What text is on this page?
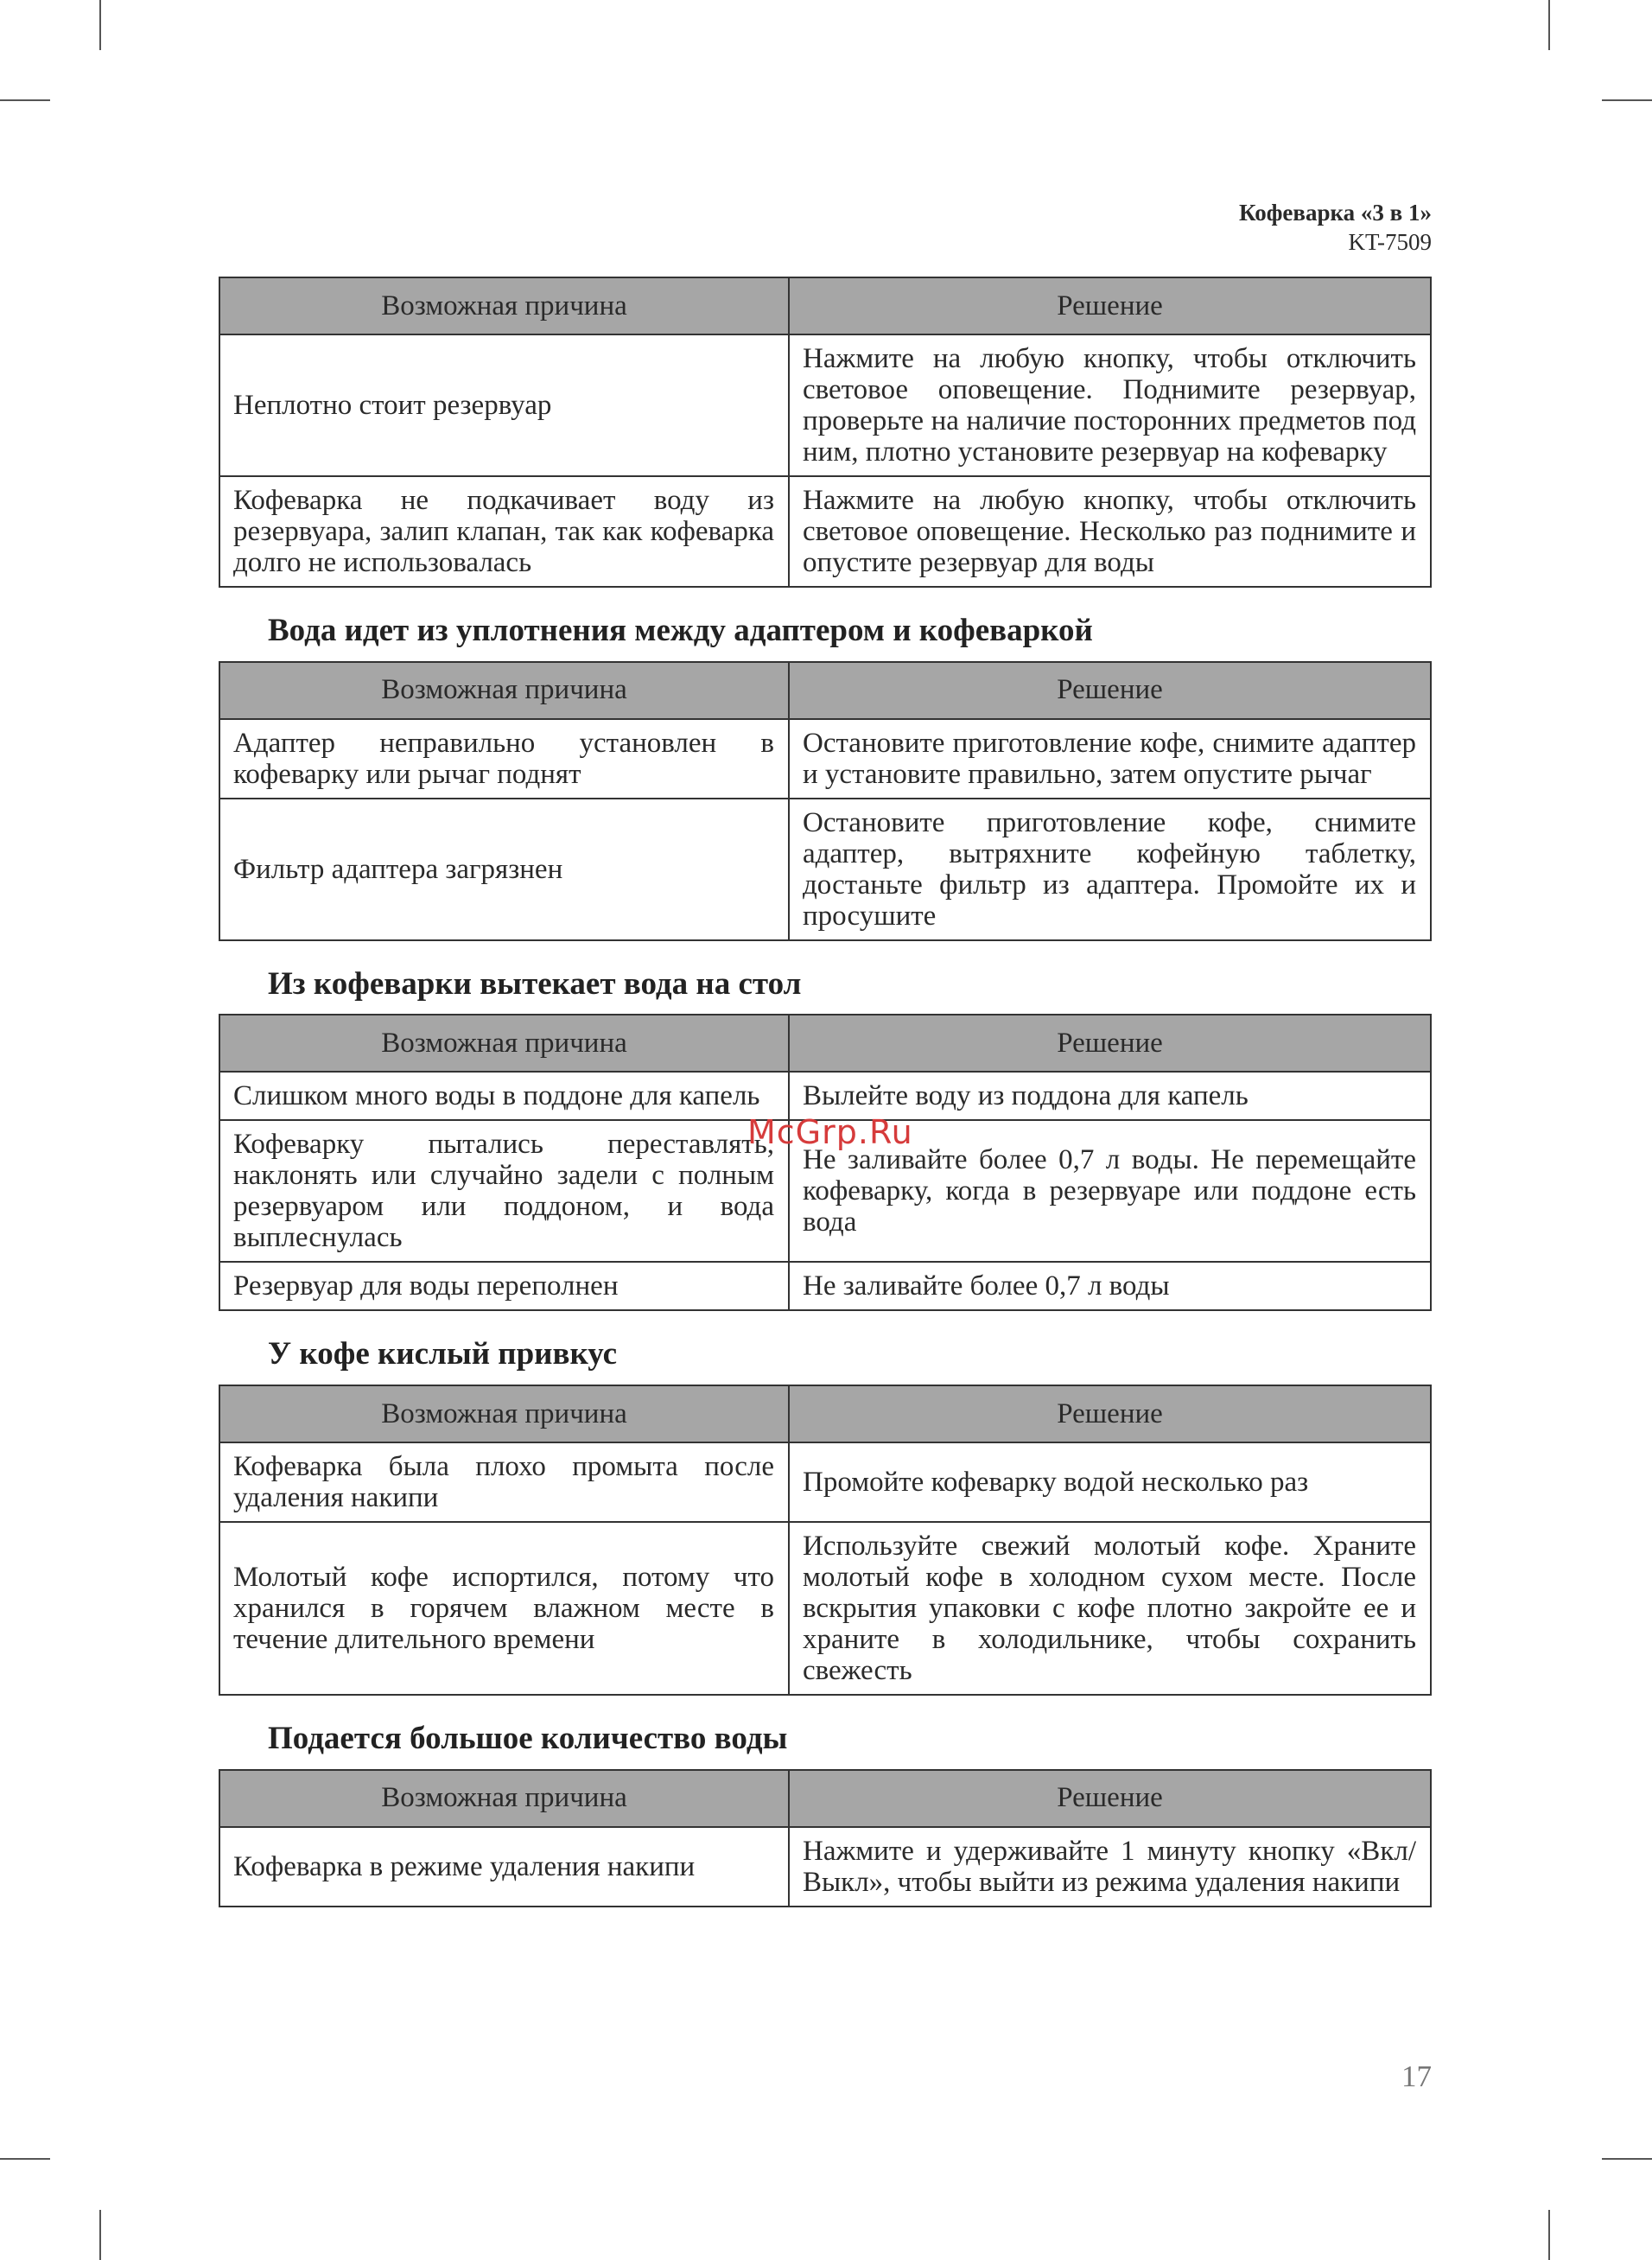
Кофеварка «3 в 1»
KT-7509
Возможная причина	Решение
Неплотно стоит резервуар	Нажмите на любую кнопку, чтобы отключить световое оповещение. Поднимите резервуар, проверьте на наличие посторонних предметов под ним, плотно установите резервуар на кофеварку
Кофеварка не подкачивает воду из резервуара, залип клапан, так как кофеварка долго не использовалась	Нажмите на любую кнопку, чтобы отключить световое оповещение. Несколько раз поднимите и опустите резервуар для воды
Вода идет из уплотнения между адаптером и кофеваркой
Возможная причина	Решение
Адаптер неправильно установлен в кофеварку или рычаг поднят	Остановите приготовление кофе, снимите адаптер и установите правильно, затем опустите рычаг
Фильтр адаптера загрязнен	Остановите приготовление кофе, снимите адаптер, вытряхните кофейную таблетку, достаньте фильтр из адаптера. Промойте их и просушите
Из кофеварки вытекает вода на стол
Возможная причина	Решение
Слишком много воды в поддоне для капель	Вылейте воду из поддона для капель
Кофеварку пытались переставлять, наклонять или случайно задели с полным резервуаром или поддоном, и вода выплеснулась	Не заливайте более 0,7 л воды. Не перемещайте кофеварку, когда в резервуаре или поддоне есть вода
Резервуар для воды переполнен	Не заливайте более 0,7 л воды
У кофе кислый привкус
Возможная причина	Решение
Кофеварка была плохо промыта после удаления накипи	Промойте кофеварку водой несколько раз
Молотый кофе испортился, потому что хранился в горячем влажном месте в течение длительного времени	Используйте свежий молотый кофе. Храните молотый кофе в холодном сухом месте. После вскрытия упаковки с кофе плотно закройте ее и храните в холодильнике, чтобы сохранить свежесть
Подается большое количество воды
Возможная причина	Решение
Кофеварка в режиме удаления накипи	Нажмите и удерживайте 1 минуту кнопку «Вкл/Выкл», чтобы выйти из режима удаления накипи
McGrp.Ru
17
